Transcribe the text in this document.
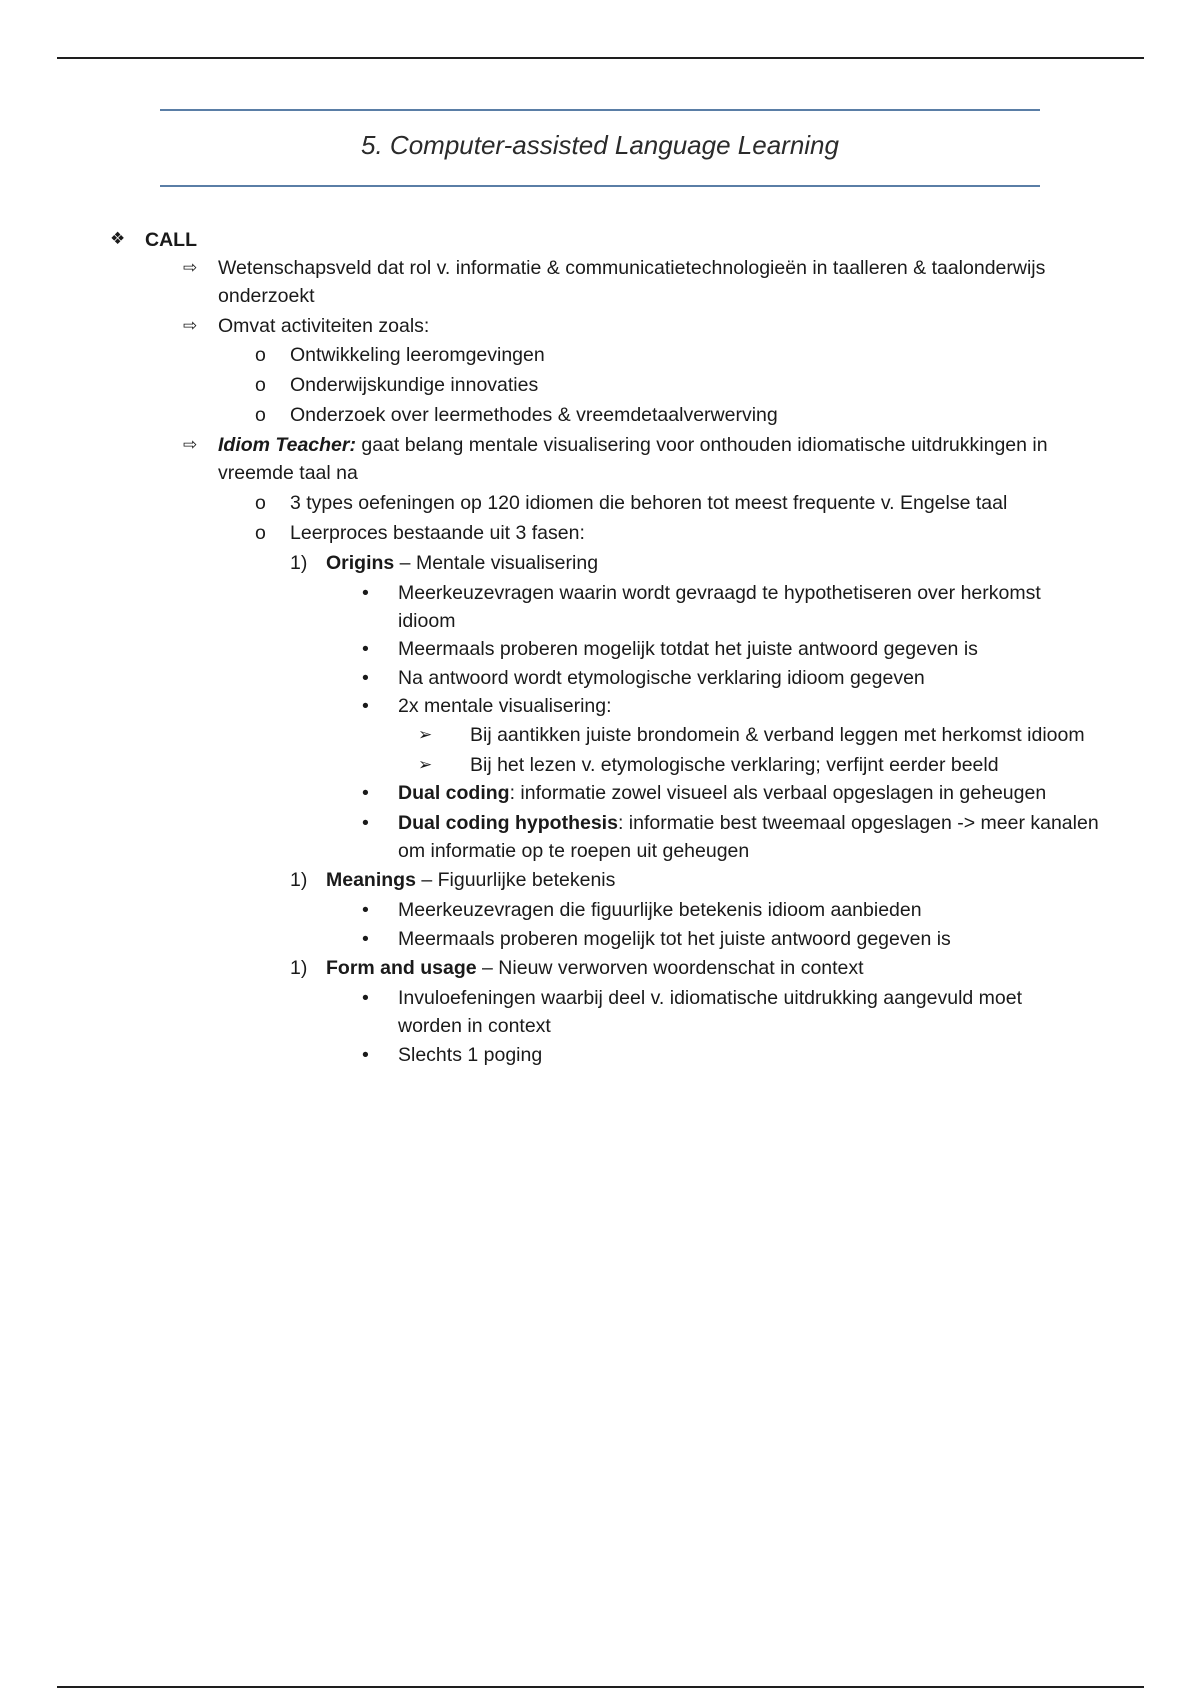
5. Computer-assisted Language Learning
❖ CALL
⇨ Wetenschapsveld dat rol v. informatie & communicatietechnologieën in taalleren & taalonderwijs
onderzoekt
⇨ Omvat activiteiten zoals:
o Ontwikkeling leeromgevingen
o Onderwijskundige innovaties
o Onderzoek over leermethodes & vreemdetaalverwerving
⇨ Idiom Teacher: gaat belang mentale visualisering voor onthouden idiomatische uitdrukkingen in
vreemde taal na
o 3 types oefeningen op 120 idiomen die behoren tot meest frequente v. Engelse taal
o Leerproces bestaande uit 3 fasen:
1) Origins – Mentale visualisering
• Meerkeuzevragen waarin wordt gevraagd te hypothetiseren over herkomst
idioom
• Meermaals proberen mogelijk totdat het juiste antwoord gegeven is
• Na antwoord wordt etymologische verklaring idioom gegeven
• 2x mentale visualisering:
➢ Bij aantikken juiste brondomein & verband leggen met herkomst idioom
➢ Bij het lezen v. etymologische verklaring; verfijnt eerder beeld
• Dual coding: informatie zowel visueel als verbaal opgeslagen in geheugen
• Dual coding hypothesis: informatie best tweemaal opgeslagen -> meer kanalen
om informatie op te roepen uit geheugen
1) Meanings – Figuurlijke betekenis
• Meerkeuzevragen die figuurlijke betekenis idioom aanbieden
• Meermaals proberen mogelijk tot het juiste antwoord gegeven is
1) Form and usage – Nieuw verworven woordenschat in context
• Invuloefeningen waarbij deel v. idiomatische uitdrukking aangevuld moet
worden in context
• Slechts 1 poging
